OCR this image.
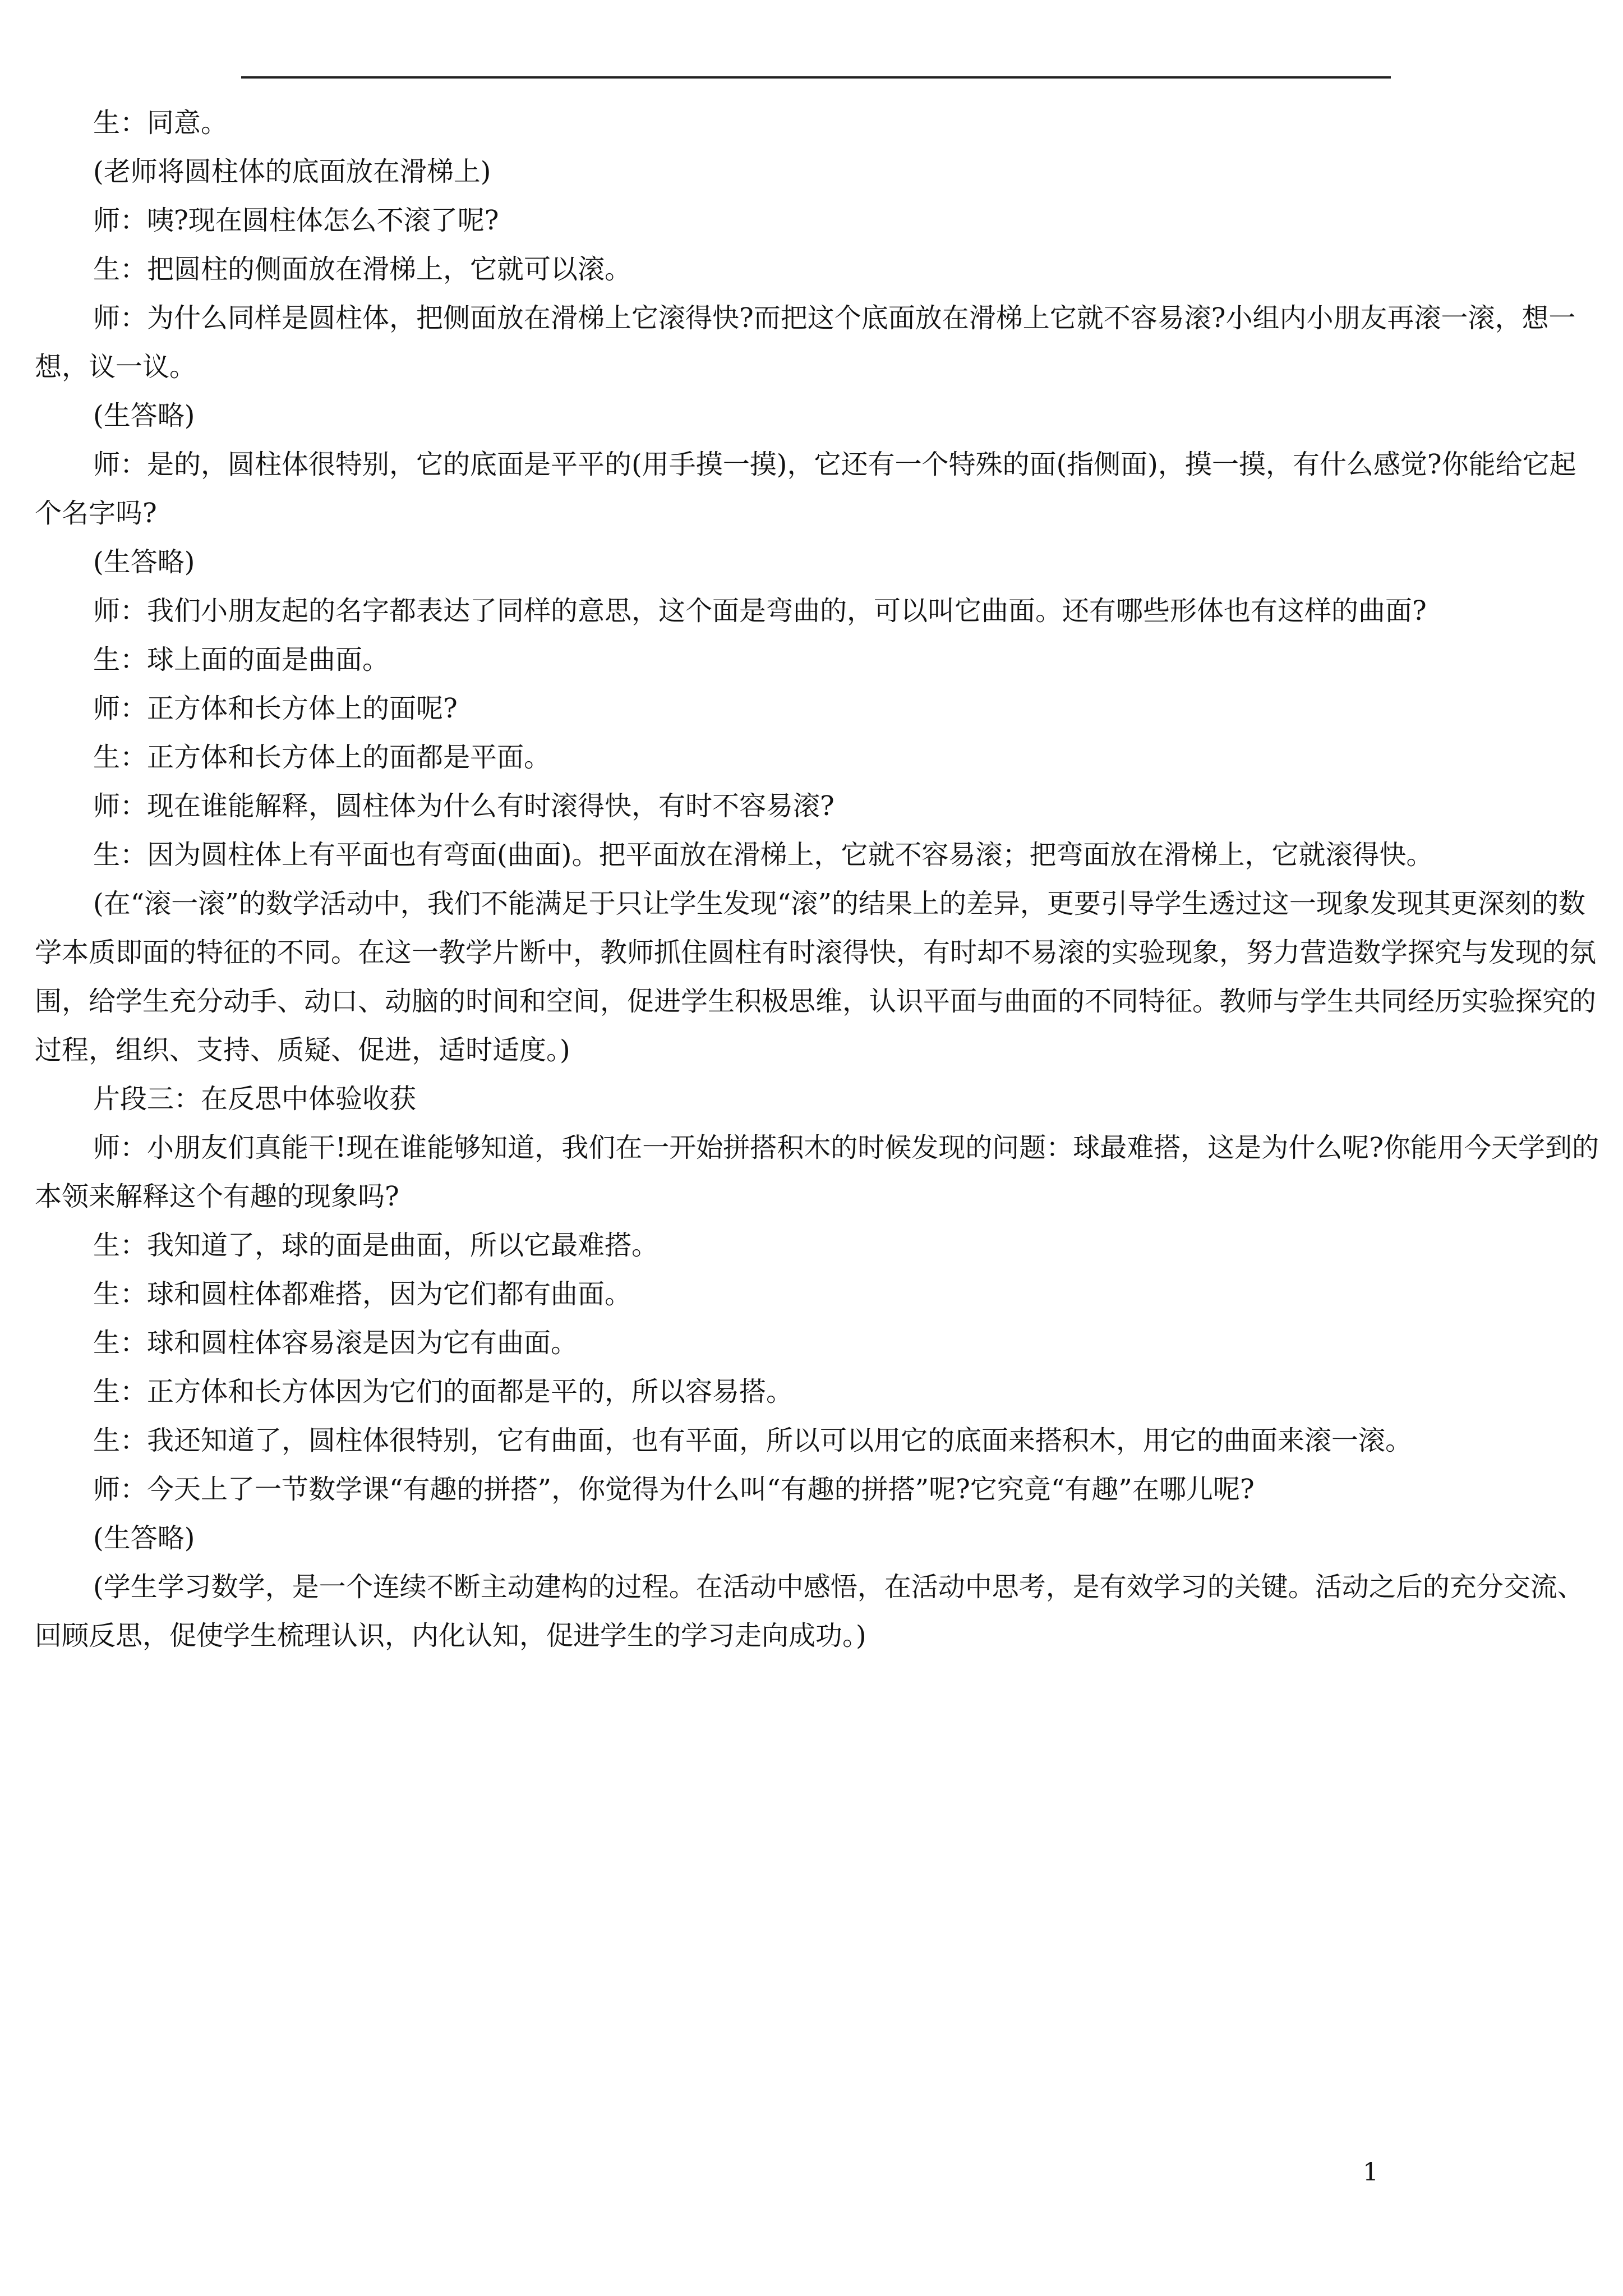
生：同意。

(老师将圆柱体的底面放在滑梯上)

师：咦?现在圆柱体怎么不滚了呢?

生：把圆柱的侧面放在滑梯上，它就可以滚。

师：为什么同样是圆柱体，把侧面放在滑梯上它滚得快?而把这个底面放在滑梯上它就不容易滚?小组内小朋友再滚一滚，想一想，议一议。

(生答略)

师：是的，圆柱体很特别，它的底面是平平的(用手摸一摸)，它还有一个特殊的面(指侧面)，摸一摸，有什么感觉?你能给它起个名字吗?

(生答略)

师：我们小朋友起的名字都表达了同样的意思，这个面是弯曲的，可以叫它曲面。还有哪些形体也有这样的曲面?

生：球上面的面是曲面。

师：正方体和长方体上的面呢?

生：正方体和长方体上的面都是平面。

师：现在谁能解释，圆柱体为什么有时滚得快，有时不容易滚?

生：因为圆柱体上有平面也有弯面(曲面)。把平面放在滑梯上，它就不容易滚；把弯面放在滑梯上，它就滚得快。

(在“滚一滚”的数学活动中，我们不能满足于只让学生发现“滚”的结果上的差异，更要引导学生透过这一现象发现其更深刻的数学本质即面的特征的不同。在这一教学片断中，教师抓住圆柱有时滚得快，有时却不易滚的实验现象，努力营造数学探究与发现的氛围，给学生充分动手、动口、动脑的时间和空间，促进学生积极思维，认识平面与曲面的不同特征。教师与学生共同经历实验探究的过程，组织、支持、质疑、促进，适时适度。)

片段三：在反思中体验收获

师：小朋友们真能干!现在谁能够知道，我们在一开始拼搭积木的时候发现的问题：球最难搭，这是为什么呢?你能用今天学到的本领来解释这个有趣的现象吗?

生：我知道了，球的面是曲面，所以它最难搭。

生：球和圆柱体都难搭，因为它们都有曲面。

生：球和圆柱体容易滚是因为它有曲面。

生：正方体和长方体因为它们的面都是平的，所以容易搭。

生：我还知道了，圆柱体很特别，它有曲面，也有平面，所以可以用它的底面来搭积木，用它的曲面来滚一滚。

师：今天上了一节数学课“有趣的拼搭”，你觉得为什么叫“有趣的拼搭”呢?它究竟“有趣”在哪儿呢?

(生答略)

(学生学习数学，是一个连续不断主动建构的过程。在活动中感悟，在活动中思考，是有效学习的关键。活动之后的充分交流、回顾反思，促使学生梳理认识，内化认知，促进学生的学习走向成功。)

1
